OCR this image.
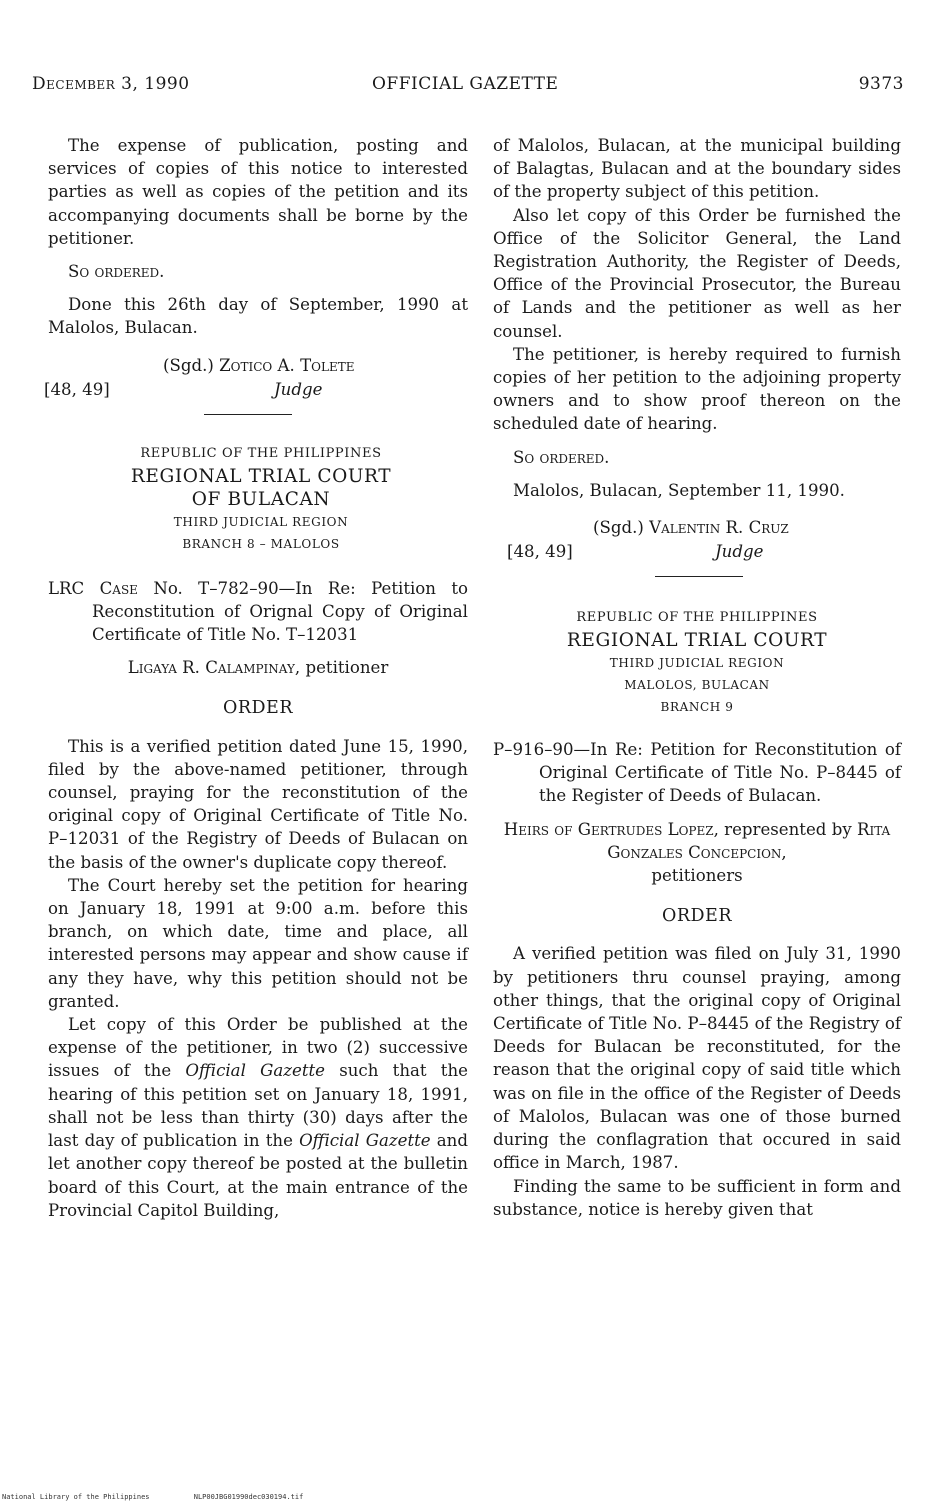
December 3, 1990	OFFICIAL GAZETTE	9373

The expense of publication, posting and services of copies of this notice to interested parties as well as copies of the petition and its accompanying documents shall be borne by the petitioner.

So ordered.

Done this 26th day of September, 1990 at Malolos, Bulacan.

(Sgd.) Zotico A. Tolete
[48, 49]	Judge
REPUBLIC OF THE PHILIPPINES
REGIONAL TRIAL COURT
OF BULACAN
THIRD JUDICIAL REGION
BRANCH 8 – MALOLOS

LRC Case No. T–782–90—In Re: Petition to Reconstitution of Orignal Copy of Original Certificate of Title No. T–12031

Ligaya R. Calampinay, petitioner

ORDER

This is a verified petition dated June 15, 1990, filed by the above-named petitioner, through counsel, praying for the reconstitution of the original copy of Original Certificate of Title No. P–12031 of the Registry of Deeds of Bulacan on the basis of the owner's duplicate copy thereof.

The Court hereby set the petition for hearing on January 18, 1991 at 9:00 a.m. before this branch, on which date, time and place, all interested persons may appear and show cause if any they have, why this petition should not be granted.

Let copy of this Order be published at the expense of the petitioner, in two (2) successive issues of the Official Gazette such that the hearing of this petition set on January 18, 1991, shall not be less than thirty (30) days after the last day of publication in the Official Gazette and let another copy thereof be posted at the bulletin board of this Court, at the main entrance of the Provincial Capitol Building,

of Malolos, Bulacan, at the municipal building of Balagtas, Bulacan and at the boundary sides of the property subject of this petition.

Also let copy of this Order be furnished the Office of the Solicitor General, the Land Registration Authority, the Register of Deeds, Office of the Provincial Prosecutor, the Bureau of Lands and the petitioner as well as her counsel.

The petitioner, is hereby required to furnish copies of her petition to the adjoining property owners and to show proof thereon on the scheduled date of hearing.

So ordered.

Malolos, Bulacan, September 11, 1990.

(Sgd.) Valentin R. Cruz
[48, 49]	Judge
REPUBLIC OF THE PHILIPPINES
REGIONAL TRIAL COURT
THIRD JUDICIAL REGION
MALOLOS, BULACAN
BRANCH 9

P–916–90—In Re: Petition for Reconstitution of Original Certificate of Title No. P–8445 of the Register of Deeds of Bulacan.

Heirs of Gertrudes Lopez, represented by Rita Gonzales Concepcion,
petitioners

ORDER

A verified petition was filed on July 31, 1990 by petitioners thru counsel praying, among other things, that the original copy of Original Certificate of Title No. P–8445 of the Registry of Deeds for Bulacan be reconstituted, for the reason that the original copy of said title which was on file in the office of the Register of Deeds of Malolos, Bulacan was one of those burned during the conflagration that occured in said office in March, 1987.

Finding the same to be sufficient in form and substance, notice is hereby given that

National Library of the Philippines	NLP00JBG01990dec030194.tif
